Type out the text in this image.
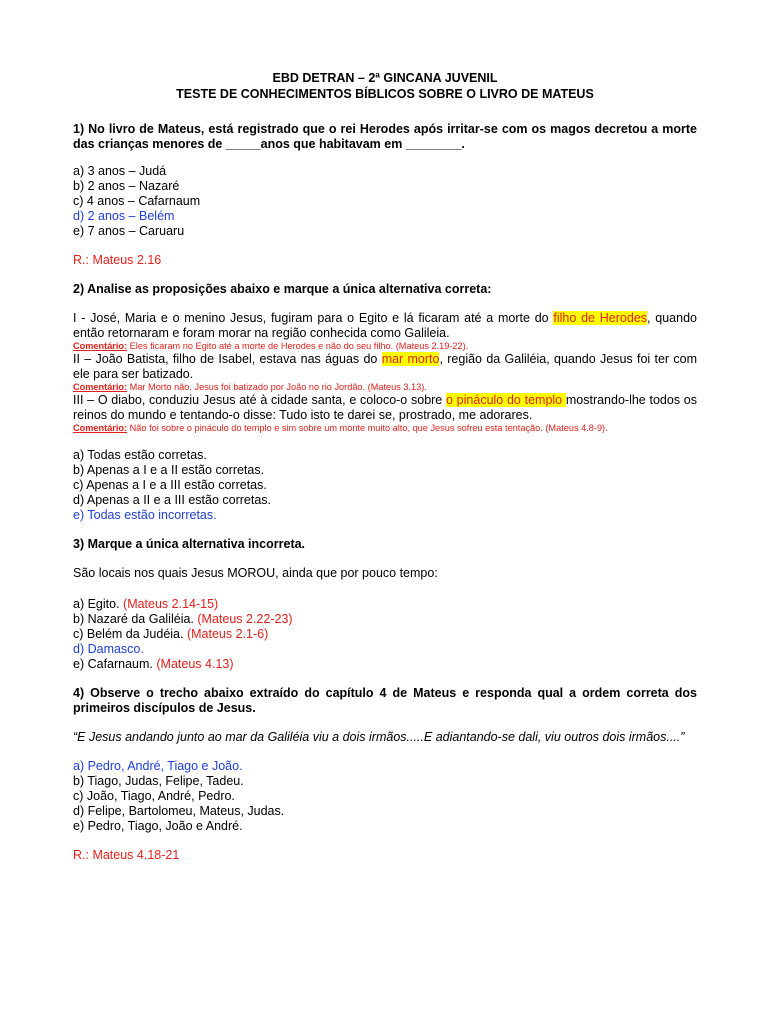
EBD DETRAN – 2ª GINCANA JUVENIL
TESTE DE CONHECIMENTOS BÍBLICOS SOBRE O LIVRO DE MATEUS

1) No livro de Mateus, está registrado que o rei Herodes após irritar-se com os magos decretou a morte das crianças menores de _____anos que habitavam em ________.

a) 3 anos – Judá

b) 2 anos – Nazaré

c) 4 anos – Cafarnaum

d) 2 anos – Belém

e) 7 anos – Caruaru

R.: Mateus 2.16

2) Analise as proposições abaixo e marque a única alternativa correta:

I - José, Maria e o menino Jesus, fugiram para o Egito e lá ficaram até a morte do filho de Herodes, quando então retornaram e foram morar na região conhecida como Galileia.

Comentário: Eles ficaram no Egito até a morte de Herodes e não do seu filho. (Mateus 2.19-22).

II – João Batista, filho de Isabel, estava nas águas do mar morto, região da Galiléia, quando Jesus foi ter com ele para ser batizado.

Comentário: Mar Morto não. Jesus foi batizado por João no rio Jordão. (Mateus 3.13).

III – O diabo, conduziu Jesus até à cidade santa, e coloco-o sobre o pináculo do templo mostrando-lhe todos os reinos do mundo e tentando-o disse: Tudo isto te darei se, prostrado, me adorares.

Comentário: Não foi sobre o pináculo do templo e sim sobre um monte muito alto, que Jesus sofreu esta tentação. (Mateus 4.8-9).

a) Todas estão corretas.

b) Apenas a I e a II estão corretas.

c) Apenas a I e a III estão corretas.

d) Apenas a II e a III estão corretas.

e) Todas estão incorretas.

3) Marque a única alternativa incorreta.

São locais nos quais Jesus MOROU, ainda que por pouco tempo:

a) Egito. (Mateus 2.14-15)

b) Nazaré da Galiléia. (Mateus 2.22-23)

c) Belém da Judéia. (Mateus 2.1-6)

d) Damasco.

e) Cafarnaum. (Mateus 4.13)

4) Observe o trecho abaixo extraído do capítulo 4 de Mateus e responda qual a ordem correta dos primeiros discípulos de Jesus.

“E Jesus andando junto ao mar da Galiléia viu a dois irmãos.....E adiantando-se dali, viu outros dois irmãos....”

a) Pedro, André, Tiago e João.

b) Tiago, Judas, Felipe, Tadeu.

c) João, Tiago, André, Pedro.

d) Felipe, Bartolomeu, Mateus, Judas.

e) Pedro, Tiago, João e André.

R.: Mateus 4.18-21
